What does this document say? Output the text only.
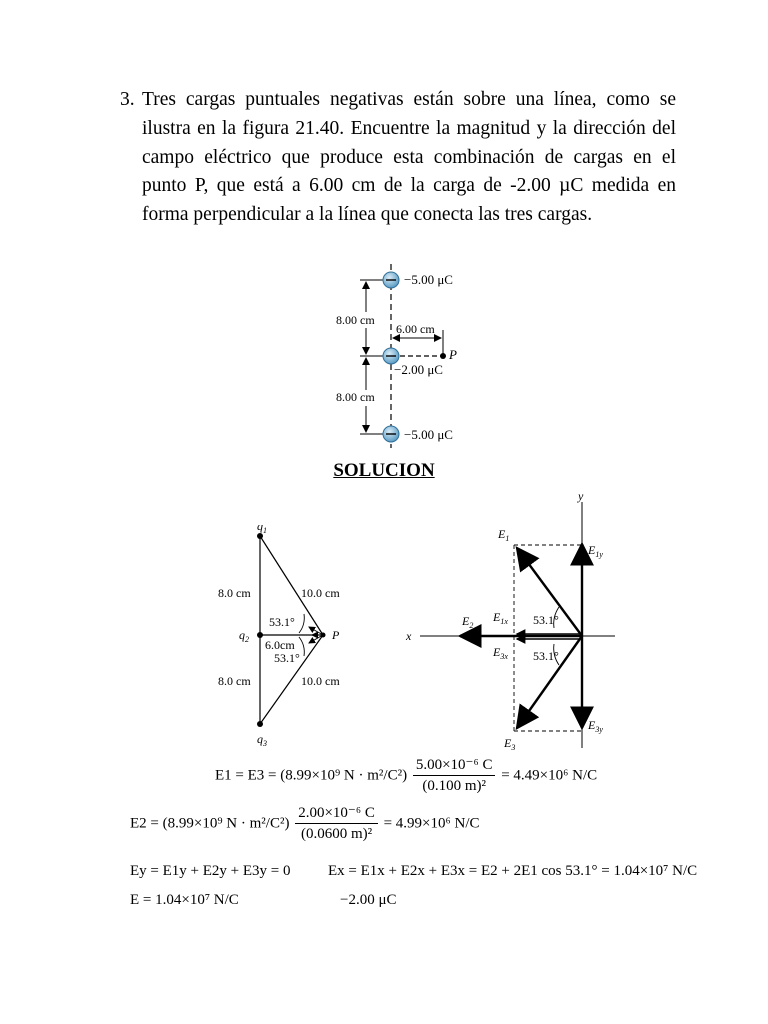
3. Tres cargas puntuales negativas están sobre una línea, como se ilustra en la figura 21.40. Encuentre la magnitud y la dirección del campo eléctrico que produce esta combinación de cargas en el punto P, que está a 6.00 cm de la carga de -2.00 µC medida en forma perpendicular a la línea que conecta las tres cargas.
8.00 cm
8.00 cm
6.00 cm
P
−5.00 μC
−2.00 μC
−5.00 μC
SOLUCION
$q_1$
$q_2$
$q_3$
8.0 cm
8.0 cm
10.0 cm
10.0 cm
53.1°
6.0cm
53.1°
P	x
y
$E_1$
$E_{1y}$
$E_2$
$E_{1x}$
$E_{3x}$
53.1°
53.1°
$E_{3y}$
$E_3$
E1 = E3 = (8.99×10⁹ $N \cdot m^2/C^2) \frac{\text{5.00×10⁻⁶ C}}{\text{(0.100 m)²}} = 4.49\times 10^6$ N/C
E2 = (8.99×10⁹ $N \cdot m^2/C^2) \frac{\text{2.00×10⁻⁶ C}}{\text{(0.0600 m)²}} = 4.99\times 10^6$ N/C
Ey = E1y + E2y + E3y = 0	Ex = E1x + E2x + E3x = E2 + 2E1 cos 53.1° = 1.04×10⁷ N/C
E = 1.04×10⁷ N/C	−2.00 μC
